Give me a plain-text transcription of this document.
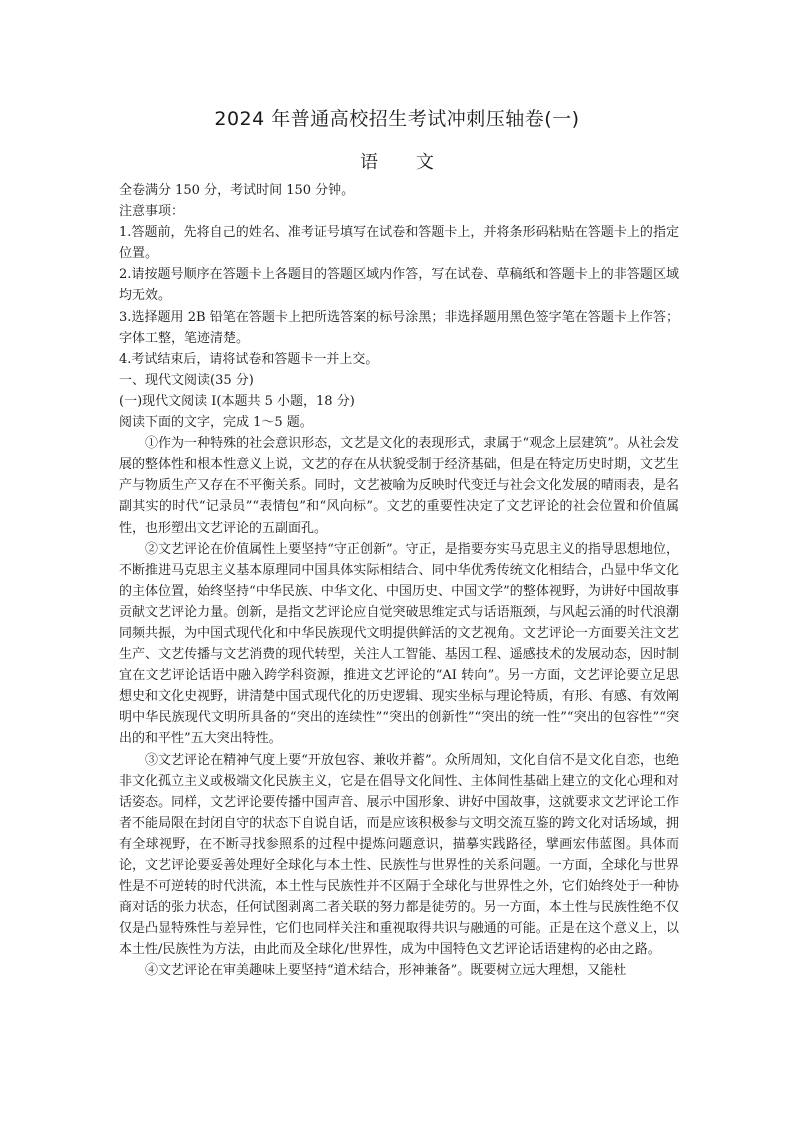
2024 年普通高校招生考试冲刺压轴卷(一)
语文

全卷满分 150 分，考试时间 150 分钟。

注意事项：

1.答题前，先将自己的姓名、准考证号填写在试卷和答题卡上，并将条形码粘贴在答题卡上的指定位置。

2.请按题号顺序在答题卡上各题目的答题区域内作答，写在试卷、草稿纸和答题卡上的非答题区域均无效。

3.选择题用 2B 铅笔在答题卡上把所选答案的标号涂黑；非选择题用黑色签字笔在答题卡上作答；字体工整，笔迹清楚。

4.考试结束后，请将试卷和答题卡一并上交。

一、现代文阅读(35 分)

(一)现代文阅读 I(本题共 5 小题，18 分)

阅读下面的文字，完成 1～5 题。

①作为一种特殊的社会意识形态，文艺是文化的表现形式，隶属于“观念上层建筑”。从社会发展的整体性和根本性意义上说，文艺的存在从状貌受制于经济基础，但是在特定历史时期，文艺生产与物质生产又存在不平衡关系。同时，文艺被喻为反映时代变迁与社会文化发展的晴雨表，是名副其实的时代“记录员”“表情包”和“风向标”。文艺的重要性决定了文艺评论的社会位置和价值属性，也形塑出文艺评论的五副面孔。

②文艺评论在价值属性上要坚持“守正创新”。守正，是指要夯实马克思主义的指导思想地位，不断推进马克思主义基本原理同中国具体实际相结合、同中华优秀传统文化相结合，凸显中华文化的主体位置，始终坚持“中华民族、中华文化、中国历史、中国文学”的整体视野，为讲好中国故事贡献文艺评论力量。创新，是指文艺评论应自觉突破思维定式与话语瓶颈，与风起云涌的时代浪潮同频共振，为中国式现代化和中华民族现代文明提供鲜活的文艺视角。文艺评论一方面要关注文艺生产、文艺传播与文艺消费的现代转型，关注人工智能、基因工程、遥感技术的发展动态，因时制宜在文艺评论话语中融入跨学科资源，推进文艺评论的“AI 转向”。另一方面，文艺评论要立足思想史和文化史视野，讲清楚中国式现代化的历史逻辑、现实坐标与理论特质，有形、有感、有效阐明中华民族现代文明所具备的“突出的连续性”“突出的创新性”“突出的统一性”“突出的包容性”“突出的和平性”五大突出特性。

③文艺评论在精神气度上要“开放包容、兼收并蓄”。众所周知，文化自信不是文化自恋，也绝非文化孤立主义或极端文化民族主义，它是在倡导文化间性、主体间性基础上建立的文化心理和对话姿态。同样，文艺评论要传播中国声音、展示中国形象、讲好中国故事，这就要求文艺评论工作者不能局限在封闭自守的状态下自说自话，而是应该积极参与文明交流互鉴的跨文化对话场域，拥有全球视野，在不断寻找参照系的过程中提炼问题意识，描摹实践路径，擘画宏伟蓝图。具体而论，文艺评论要妥善处理好全球化与本土性、民族性与世界性的关系问题。一方面，全球化与世界性是不可逆转的时代洪流，本土性与民族性并不区隔于全球化与世界性之外，它们始终处于一种协商对话的张力状态，任何试图剥离二者关联的努力都是徒劳的。另一方面，本土性与民族性绝不仅仅是凸显特殊性与差异性，它们也同样关注和重视取得共识与融通的可能。正是在这个意义上，以本土性/民族性为方法，由此而及全球化/世界性，成为中国特色文艺评论话语建构的必由之路。

④文艺评论在审美趣味上要坚持“道术结合，形神兼备”。既要树立远大理想，又能杜
